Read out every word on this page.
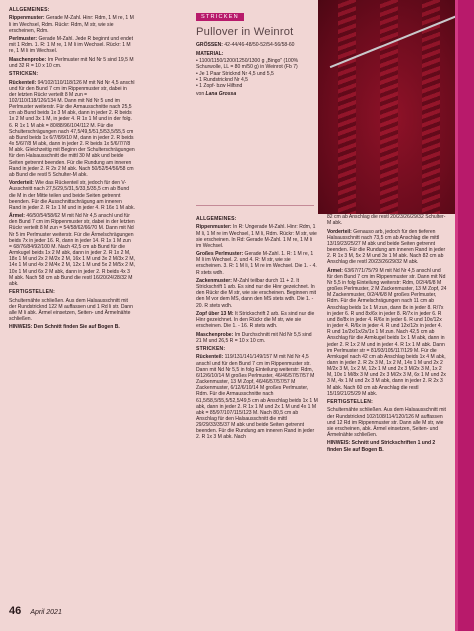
ALLGEMEINES:

Rippenmuster: Gerade M-Zahl. Hinr: Rdm, 1 M re, 1 M li im Wechsel, Rdm. Rückr: Rdm, M str, wie sie erscheinen, Rdm.

Perlmuster: Gerade M-Zahl. Jede R beginnt und endet mit 1 Rdm. 1. R: 1 M re, 1 M li im Wechsel. Rückr: 1 M re, 1 M li im Wechsel.

Maschenprobe: Im Perlmuster mit Nd Nr 5 sind 19,5 M und 32 R = 10 x 10 cm.

STRICKEN:

Rückenteil: 94/102/110/118/126 M mit Nd Nr 4,5 anschl und für den Bund 7 cm im Rippenmuster str, dabei in der letzten Rückr verteilt 8 M zun = 102/110/118/126/134 M. Dann mit Nd Nr 5 und im Perlmuster weiterstr. Für die Armausschnitte nach 25,5 cm ab Bund beids 1x 3 M abk, dann in jeder 2. R beids 1x 2 M und 3x 1 M, in jeder 4. R 1x 1 M und in der folg. 6. R 1x 1 M abk = 80/88/96/104/112 M. Für die Schulterschrägungen nach 47,5/49,5/51,5/53,5/55,5 cm ab Bund beids 1x 6/7/8/9/10 M, dann in jeder 2. R beids 4x 5/6/7/8 M abk, dann in jeder 2. R beids 1x 5/6/7/7/8 M abk. Gleichzeitig mit Beginn der Schulterschrägungen für den Halsausschnitt die mittl 30 M abk und beide Seiten getrennt beenden. Für die Rundung am inneren Rand in jeder 2. R 2x 2 M abk. Nach 50/52/54/56/58 cm ab Bund die restl 5 Schulter-M abk.

Vorderteil: Wie das Rückenteil str, jedoch für den V-Ausschnitt nach 27,5/29,5/31,5/33,5/35,5 cm ab Bund die M in der Mitte teilen und beide Seiten getrennt beenden. Für die Ausschnittschrägung am inneren Rand in jeder 2. R 1x 1 M und in jeder 4. R 16x 1 M abk.

Ärmel: 46/50/54/58/62 M mit Nd Nr 4,5 anschl und für den Bund 7 cm im Rippenmuster str, dabei in der letzten Rückr verteilt 8 M zun = 54/58/62/66/70 M. Dann mit Nd Nr 5 im Perlmuster weiterstr. Für die Ärmelschrägungen beids 7x in jeder 16. R, dann in jeder 14. R 1x 1 M zun = 68/76/84/92/100 M. Nach 42,5 cm ab Bund für die Armkugel beids 1x 2 M abk, dann in jeder 2. R 1x 2 M, 18x 1 M und 2x 2 M/2x 2 M, 16x 1 M und 3x 2 M/3x 2 M, 14x 1 M und 4x 2 M/4x 2 M, 12x 1 M und 5x 2 M/5x 2 M, 10x 1 M und 6x 2 M abk, dann in jeder 2. R beids 4x 3 M abk. Nach 58 cm ab Bund die restl 16/20/24/28/32 M abk.

FERTIGSTELLEN:

Schulternähte schließen. Aus dem Halsausschnitt mit der Rundstricknd 122 M auffassen und 1 Rd li str. Dann alle M li abk. Ärmel einsetzen, Seiten- und Ärmelnähte schließen.

HINWEIS: Den Schnitt finden Sie auf Bogen B.

STRICKEN
Pullover in Weinrot

GRÖSSEN: 42-44/46-48/50-52/54-56/58-60

MATERIAL:

• 1100/1150/1200/1250/1300 g „Bingo" (100% Schurwolle, LL = 80 m/50 g) in Weinrot (Fb 7)
• Je 1 Paar Stricknd Nr 4,5 und 5,5
• 1 Rundstricknd Nr 4,5
• 1 Zopf- bzw Hilfsnd

von Lana Grossa

ALLGEMEINES:

Rippenmuster: In R: Ungerade M-Zahl. Hinr: Rdm, 1 M li, 1 M re im Wechsel, 1 M li, Rdm. Rückr: M str, wie sie erscheinen. In Rd: Gerade M-Zahl. 1 M re, 1 M li im Wechsel.

Großes Perlmuster: Gerade M-Zahl. 1. R: 1 M re, 1 M li im Wechsel. 2. und 4. R: M str, wie sie erscheinen. 3. R: 1 M li, 1 M re im Wechsel. Die 1. - 4. R stets wdh.

Zackenmuster: M-Zahl teilbar durch 11 + 2. It Strickschrift 1 arb. Es sind nur die Hinr gezeichnet. In den Rückr die M str, wie sie erscheinen. Beginnen mit den M vor dem MS, dann den MS stets wdh. Die 1. - 20. R stets wdh.

Zopf über 13 M: It Strickschrift 2 arb. Es sind nur die Hinr gezeichnet. In den Rückr die M str, wie sie erscheinen. Die 1. - 16. R stets wdh.

Maschenprobe: Im Durchschnitt mit Nd Nr 5,5 sind 21 M und 26,5 R = 10 x 10 cm.

STRICKEN:

Rückenteil: 119/131/141/149/157 M mit Nd Nr 4,5 anschl und für den Bund 7 cm im Rippenmuster str. Dann mit Nd Nr 5,5 in folg Einteilung weiterstr: Rdm, 6/12/6/10/14 M großes Perlmuster, 46/46/57/57/57 M Zackenmuster, 13 M Zopf, 46/46/57/57/57 M Zackenmuster, 6/12/6/10/14 M großes Perlmuster, Rdm. Für die Armausschnitte nach 61,5/58,5/55,5/52,5/49,5 cm ab Anschlag beids 1x 1 M abk, dann in jeder 2. R 1x 1 M und 2x 1 M und 4x 1 M abk = 85/97/107/115/123 M. Nach 80,5 cm ab Anschlag für den Halsausschnitt die mittl 29/29/33/35/37 M abk und beide Seiten getrennt beenden. Für die Rundung am inneren Rand in jeder 2. R 1x 3 M abk. Nach

82 cm ab Anschlag die restl 20/23/26/29/32 Schulter-M abk.

Vorderteil: Genauso arb, jedoch für den tieferen Halsausschnitt nach 73,5 cm ab Anschlag die mittl 13/19/23/25/27 M abk und beide Seiten getrennt beenden. Für die Rundung am inneren Rand in jeder 2. R 1x 3 M, 5x 2 M und 3x 1 M abk. Nach 82 cm ab Anschlag die restl 20/23/26/29/32 M abk.

Ärmel: 63/67/71/75/79 M mit Nd Nr 4,5 anschl und für den Bund 7 cm im Rippenmuster str. Dann mit Nd Nr 5,5 in folg Einteilung weiterstr: Rdm, 0/2/4/6/8 M großes Perlmuster, 2 M Zackenmuster, 13 M Zopf, 24 M Zackenmuster, 0/2/4/6/8 M großes Perlmuster, Rdm. Für die Ärmelschrägungen nach 11 cm ab Anschlag beids 1x 1 M zun, dann 8x in jeder 8. R/7x in jeder 6. R und 8x/6x in jeder 8. R/7x in jeder 6. R und 8x/8x in jeder 4. R/6x in jeder 6. R und 10x/12x in jeder 4. R/6x in jeder 4. R und 12x/12x in jeder 4. R und 1x/2x/1x/2x/1x 1 M zun. Nach 42,5 cm ab Anschlag für die Armkugel beids 1x 1 M abk, dann in jeder 2. R 1x 2 M und in jeder 4. R 1x 1 M abk. Dann im Perlmuster str = 81/93/105/117/129 M. Für die Armkugel nach 42 cm ab Anschlag beids 1x 4 M abk, dann in jeder 2. R 2x 3 M, 1x 2 M, 14x 1 M und 2x 2 M/2x 3 M, 1x 2 M, 12x 1 M und 2x 3 M/2x 3 M, 1x 2 M, 10x 1 M/8x 3 M und 2x 3 M/2x 3 M, 6x 1 M und 2x 3 M, 4x 1 M und 2x 3 M abk, dann in jeder 2. R 2x 3 M abk. Nach 60 cm ab Anschlag die restl 15/19/21/25/29 M abk.

FERTIGSTELLEN:

Schulternähte schließen. Aus dem Halsausschnitt mit der Rundstricknd 102/108/114/120/126 M auffassen und 12 Rd im Rippenmuster str. Dann alle M str, wie sie erscheinen, abk. Ärmel einsetzen, Seiten- und Ärmelnähte schließen.

HINWEIS: Schnitt und Strickschriften 1 und 2 finden Sie auf Bogen B.

46 April 2021
